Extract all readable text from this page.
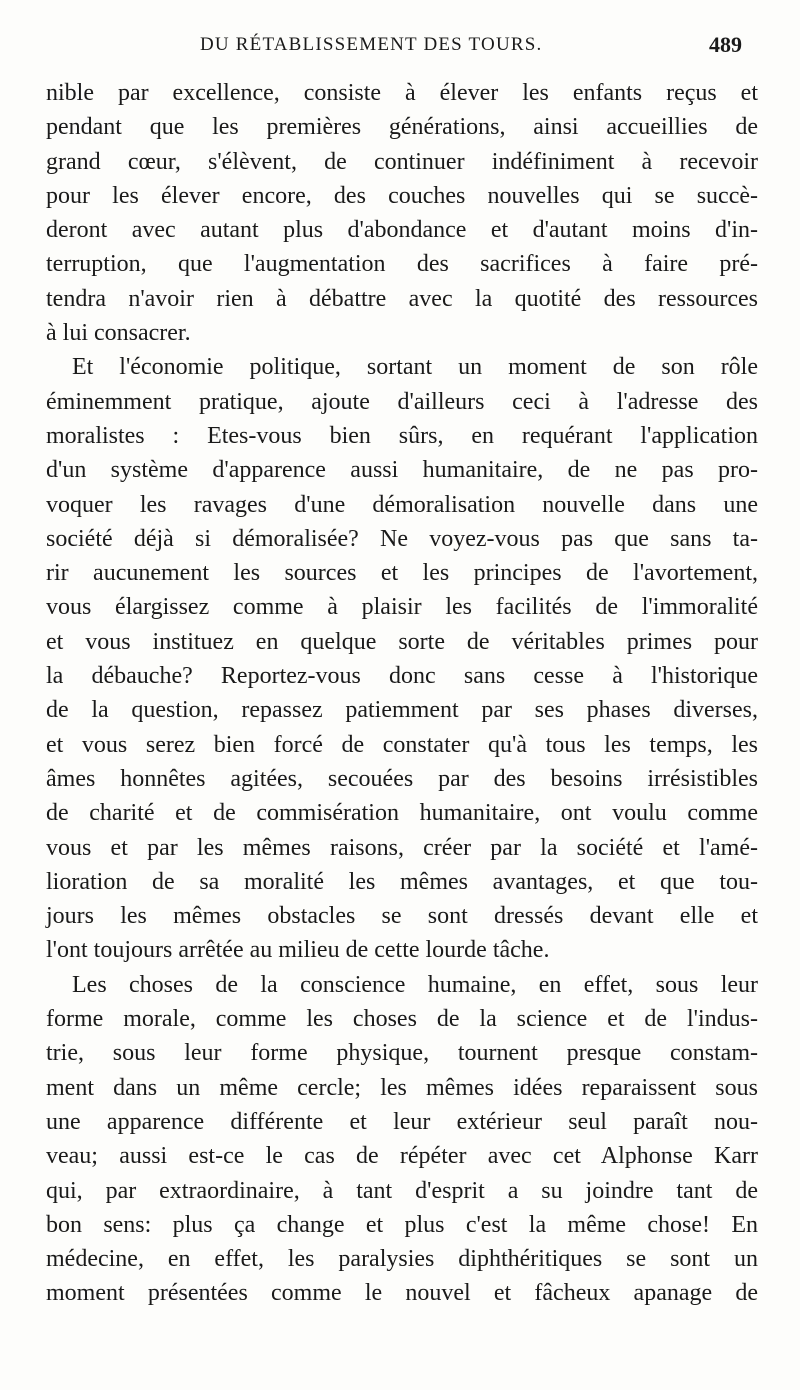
DU RÉTABLISSEMENT DES TOURS.	489
nible par excellence, consiste à élever les enfants reçus et
pendant que les premières générations, ainsi accueillies de
grand cœur, s'élèvent, de continuer indéfiniment à recevoir
pour les élever encore, des couches nouvelles qui se succè-
deront avec autant plus d'abondance et d'autant moins d'in-
terruption, que l'augmentation des sacrifices à faire pré-
tendra n'avoir rien à débattre avec la quotité des ressources
à lui consacrer.
Et l'économie politique, sortant un moment de son rôle
éminemment pratique, ajoute d'ailleurs ceci à l'adresse des
moralistes : Etes-vous bien sûrs, en requérant l'application
d'un système d'apparence aussi humanitaire, de ne pas pro-
voquer les ravages d'une démoralisation nouvelle dans une
société déjà si démoralisée? Ne voyez-vous pas que sans ta-
rir aucunement les sources et les principes de l'avortement,
vous élargissez comme à plaisir les facilités de l'immoralité
et vous instituez en quelque sorte de véritables primes pour
la débauche? Reportez-vous donc sans cesse à l'historique
de la question, repassez patiemment par ses phases diverses,
et vous serez bien forcé de constater qu'à tous les temps, les
âmes honnêtes agitées, secouées par des besoins irrésistibles
de charité et de commisération humanitaire, ont voulu comme
vous et par les mêmes raisons, créer par la société et l'amé-
lioration de sa moralité les mêmes avantages, et que tou-
jours les mêmes obstacles se sont dressés devant elle et
l'ont toujours arrêtée au milieu de cette lourde tâche.
Les choses de la conscience humaine, en effet, sous leur
forme morale, comme les choses de la science et de l'indus-
trie, sous leur forme physique, tournent presque constam-
ment dans un même cercle; les mêmes idées reparaissent sous
une apparence différente et leur extérieur seul paraît nou-
veau; aussi est-ce le cas de répéter avec cet Alphonse Karr
qui, par extraordinaire, à tant d'esprit a su joindre tant de
bon sens: plus ça change et plus c'est la même chose! En
médecine, en effet, les paralysies diphthéritiques se sont un
moment présentées comme le nouvel et fâcheux apanage de
